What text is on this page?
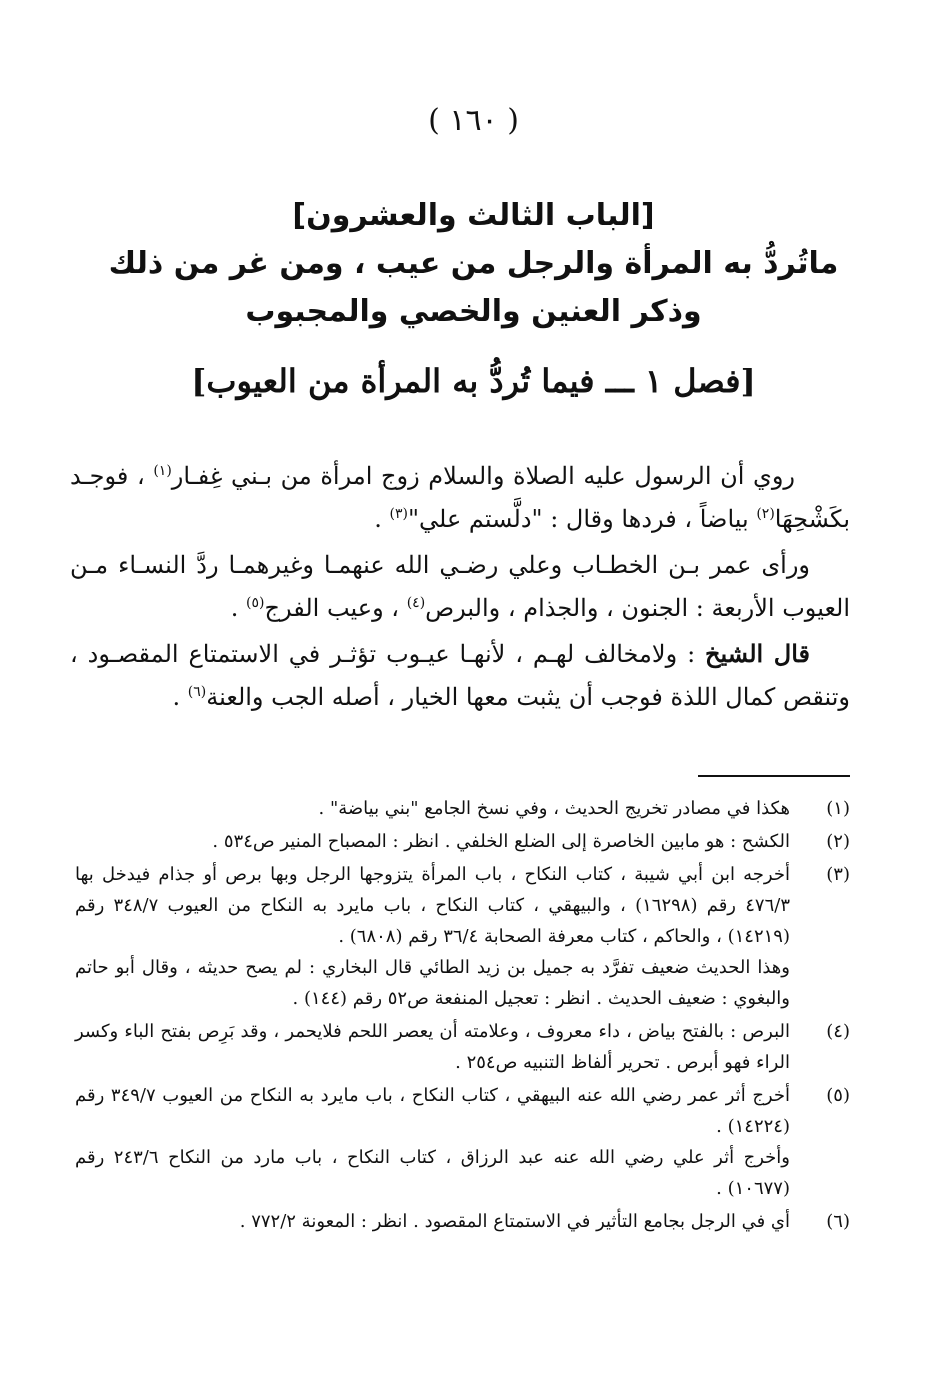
( ١٦٠ )
[الباب الثالث والعشرون]
ماتُردُّ به المرأة والرجل من عيب ، ومن غر من ذلك
وذكر العنين والخصي والمجبوب
[فصل ١ ـــ فيما تُردُّ به المرأة من العيوب]

روي أن الرسول عليه الصلاة والسلام زوج امرأة من بـني غِفـار$^{(١)}$ ، فوجـد بكَشْحِهَا$^{(٢)}$ بياضاً ، فردها وقال : "دلَّستم علي"$^{(٣)}$ .

ورأى عمر بـن الخطـاب وعلي رضـي الله عنهمـا وغيرهمـا ردَّ النسـاء مـن العيوب الأربعة : الجنون ، والجذام ، والبرص$^{(٤)}$ ، وعيب الفرج$^{(٥)}$ .

قال الشيخ : ولامخالف لهـم ، لأنهـا عيـوب تؤثـر في الاستمتاع المقصـود ، وتنقص كمال اللذة فوجب أن يثبت معها الخيار ، أصله الجب والعنة$^{(٦)}$ .

(١)
هكذا في مصادر تخريج الحديث ، وفي نسخ الجامع "بني بياضة" .
(٢)
الكشح : هو مابين الخاصرة إلى الضلع الخلفي . انظر : المصباح المنير ص٥٣٤ .
(٣)
أخرجه ابن أبي شيبة ، كتاب النكاح ، باب المرأة يتزوجها الرجل وبها برص أو جذام فيدخل بها ٤٧٦/٣ رقم (١٦٢٩٨) ، والبيهقي ، كتاب النكاح ، باب مايرد به النكاح من العيوب ٣٤٨/٧ رقم (١٤٢١٩) ، والحاكم ، كتاب معرفة الصحابة ٣٦/٤ رقم (٦٨٠٨) .
وهذا الحديث ضعيف تفرَّد به جميل بن زيد الطائي قال البخاري : لم يصح حديثه ، وقال أبو حاتم والبغوي : ضعيف الحديث . انظر : تعجيل المنفعة ص٥٢ رقم (١٤٤) .
(٤)
البرص : بالفتح بياض ، داء معروف ، وعلامته أن يعصر اللحم فلايحمر ، وقد بَرِص بفتح الباء وكسر الراء فهو أبرص . تحرير ألفاظ التنبيه ص٢٥٤ .
(٥)
أخرج أثر عمر رضي الله عنه البيهقي ، كتاب النكاح ، باب مايرد به النكاح من العيوب ٣٤٩/٧ رقم (١٤٢٢٤) .
وأخرج أثر علي رضي الله عنه عبد الرزاق ، كتاب النكاح ، باب مارد من النكاح ٢٤٣/٦ رقم (١٠٦٧٧) .
(٦)
أي في الرجل بجامع التأثير في الاستمتاع المقصود . انظر : المعونة ٧٧٢/٢ .
